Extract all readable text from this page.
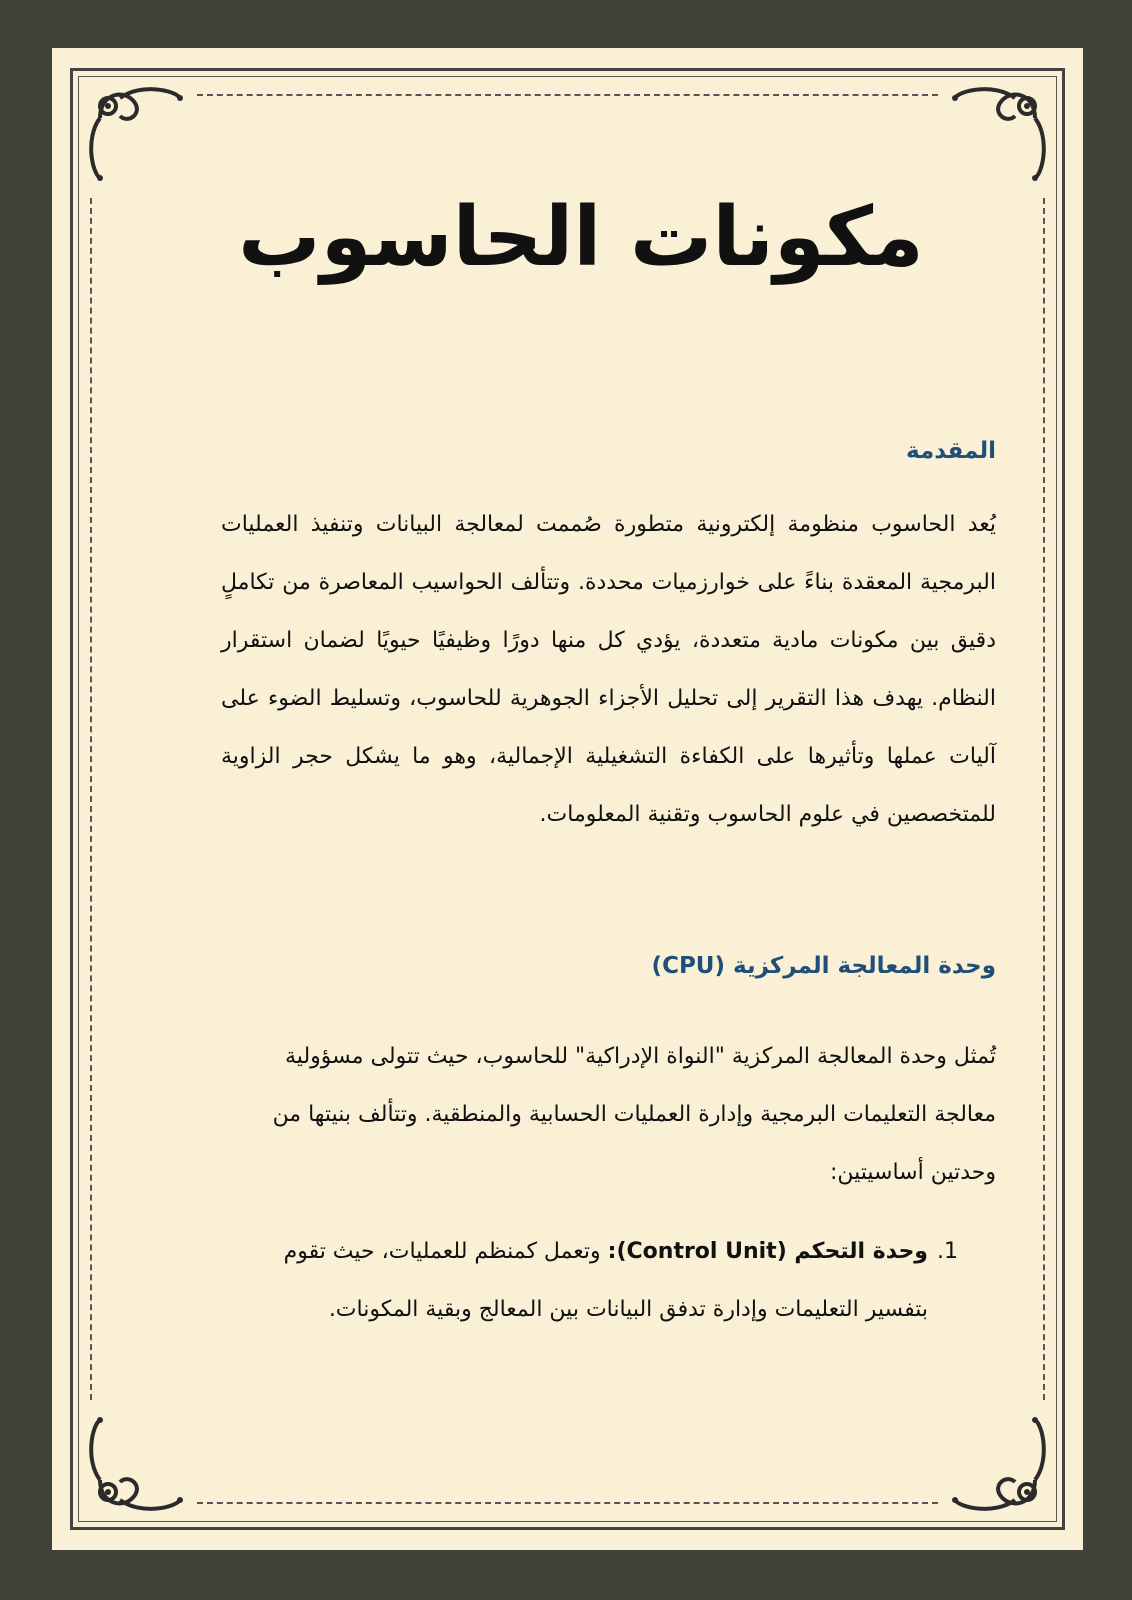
مكونات الحاسوب
المقدمة

يُعد الحاسوب منظومة إلكترونية متطورة صُممت لمعالجة البيانات وتنفيذ العمليات البرمجية المعقدة بناءً على خوارزميات محددة. وتتألف الحواسيب المعاصرة من تكاملٍ دقيق بين مكونات مادية متعددة، يؤدي كل منها دورًا وظيفيًا حيويًا لضمان استقرار النظام. يهدف هذا التقرير إلى تحليل الأجزاء الجوهرية للحاسوب، وتسليط الضوء على آليات عملها وتأثيرها على الكفاءة التشغيلية الإجمالية، وهو ما يشكل حجر الزاوية للمتخصصين في علوم الحاسوب وتقنية المعلومات.

وحدة المعالجة المركزية (CPU)

تُمثل وحدة المعالجة المركزية "النواة الإدراكية" للحاسوب، حيث تتولى مسؤولية معالجة التعليمات البرمجية وإدارة العمليات الحسابية والمنطقية. وتتألف بنيتها من وحدتين أساسيتين:

1.
وحدة التحكم (Control Unit): وتعمل كمنظم للعمليات، حيث تقوم بتفسير التعليمات وإدارة تدفق البيانات بين المعالج وبقية المكونات.
